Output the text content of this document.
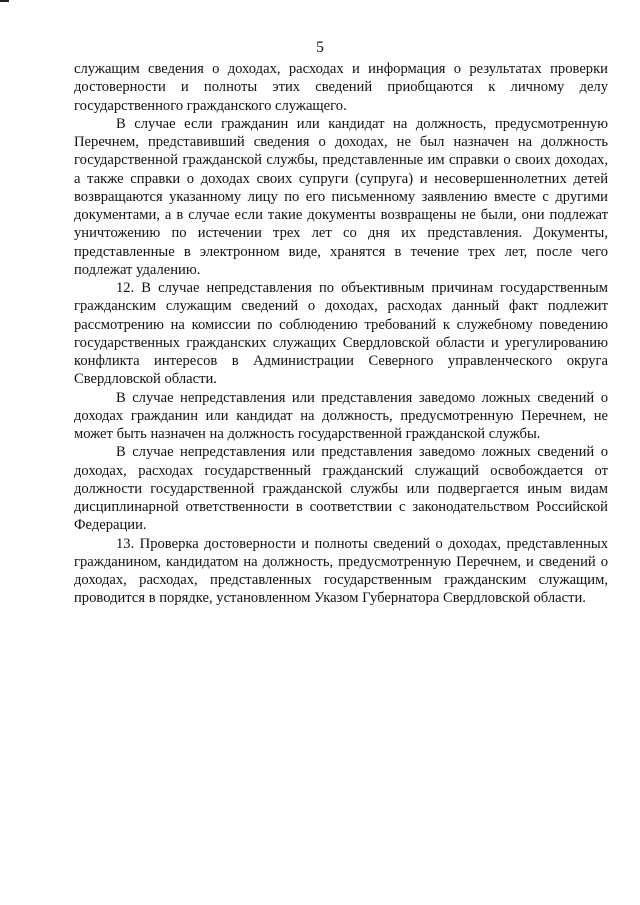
5

служащим сведения о доходах, расходах и информация о результатах проверки достоверности и полноты этих сведений приобщаются к личному делу государственного гражданского служащего.

В случае если гражданин или кандидат на должность, предусмотренную Перечнем, представивший сведения о доходах, не был назначен на должность государственной гражданской службы, представленные им справки о своих доходах, а также справки о доходах своих супруги (супруга) и несовершеннолетних детей возвращаются указанному лицу по его письменному заявлению вместе с другими документами, а в случае если такие документы возвращены не были, они подлежат уничтожению по истечении трех лет со дня их представления. Документы, представленные в электронном виде, хранятся в течение трех лет, после чего подлежат удалению.

12. В случае непредставления по объективным причинам государственным гражданским служащим сведений о доходах, расходах данный факт подлежит рассмотрению на комиссии по соблюдению требований к служебному поведению государственных гражданских служащих Свердловской области и урегулированию конфликта интересов в Администрации Северного управленческого округа Свердловской области.

В случае непредставления или представления заведомо ложных сведений о доходах гражданин или кандидат на должность, предусмотренную Перечнем, не может быть назначен на должность государственной гражданской службы.

В случае непредставления или представления заведомо ложных сведений о доходах, расходах государственный гражданский служащий освобождается от должности государственной гражданской службы или подвергается иным видам дисциплинарной ответственности в соответствии с законодательством Российской Федерации.

13. Проверка достоверности и полноты сведений о доходах, представленных гражданином, кандидатом на должность, предусмотренную Перечнем, и сведений о доходах, расходах, представленных государственным гражданским служащим, проводится в порядке, установленном Указом Губернатора Свердловской области.
